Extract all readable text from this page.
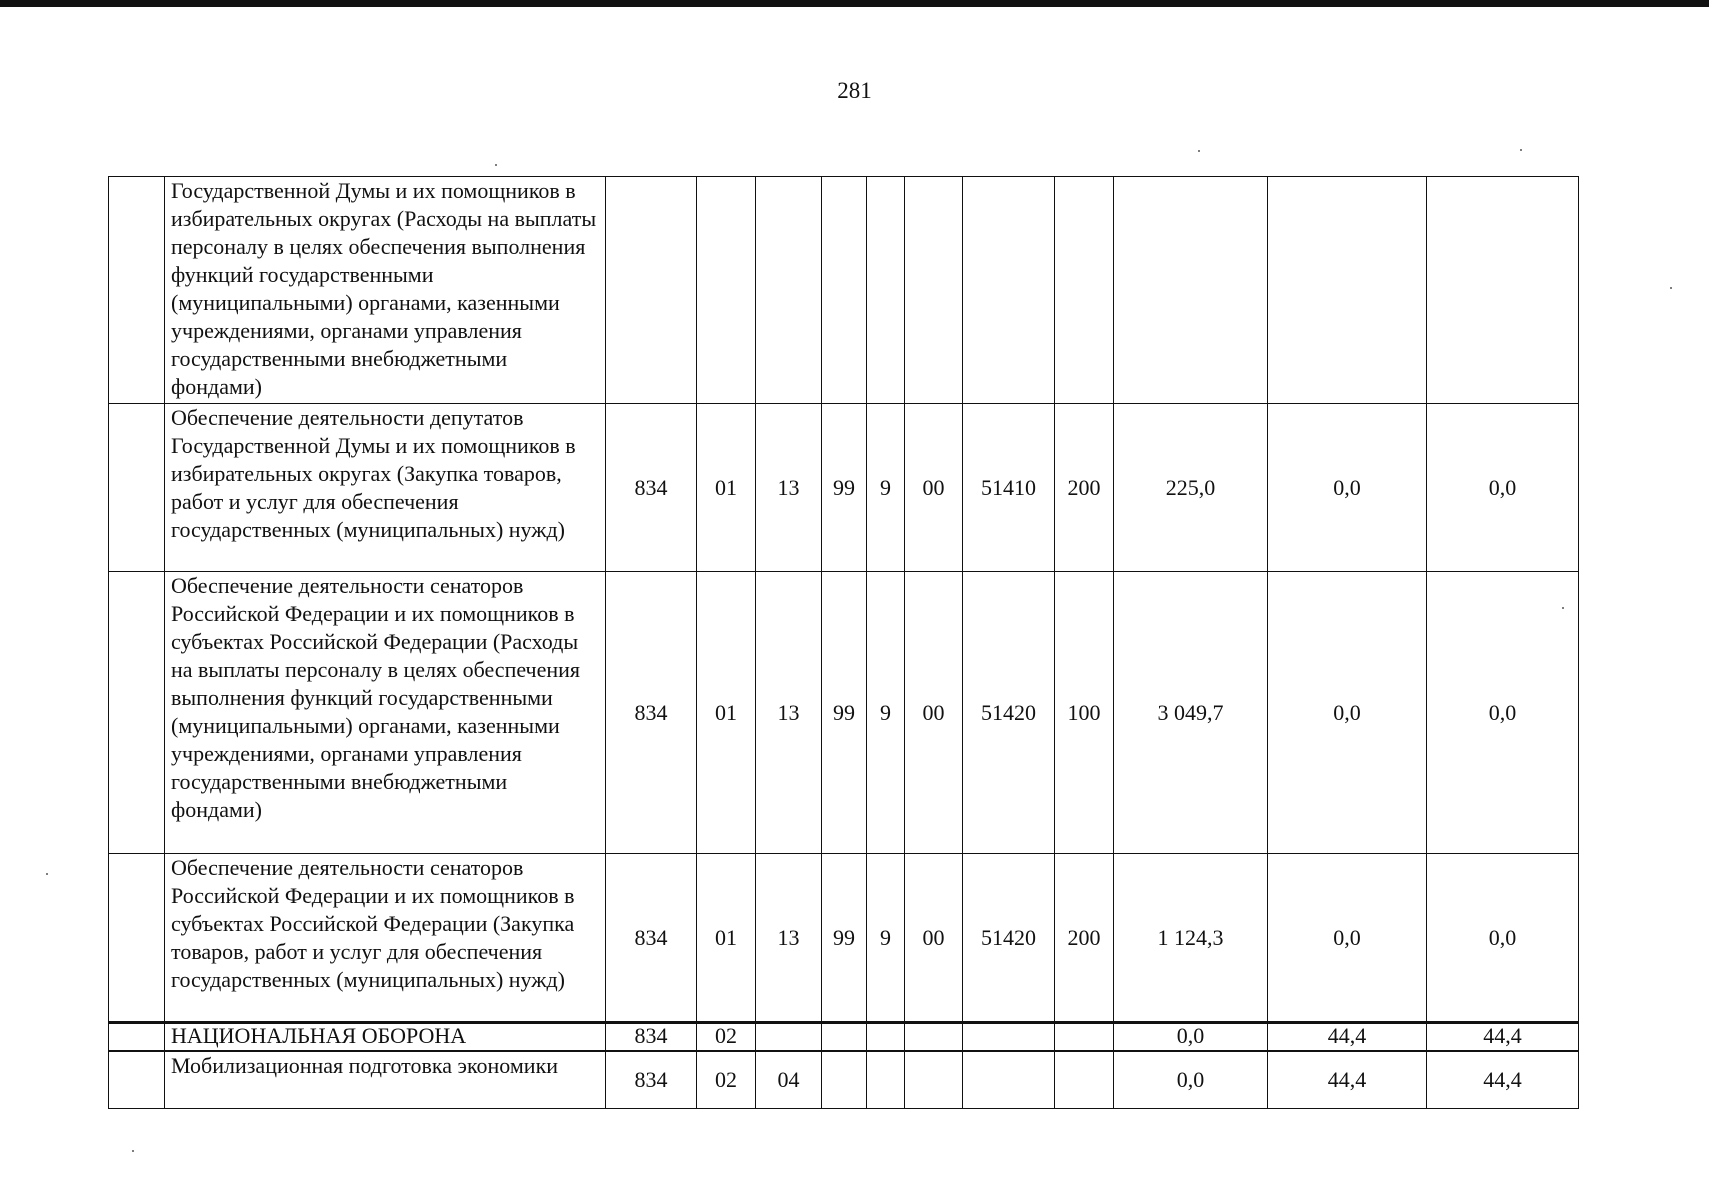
281
	Государственной Думы и их помощников в избирательных округах (Расходы на выплаты персоналу в целях обеспечения выполнения функций государственными (муниципальными) органами, казенными учреждениями, органами управления государственными внебюджетными фондами)											
	Обеспечение деятельности депутатов Государственной Думы и их помощников в избирательных округах (Закупка товаров, работ и услуг для обеспечения государственных (муниципальных) нужд)	834	01	13	99	9	00	51410	200	225,0	0,0	0,0
	Обеспечение деятельности сенаторов Российской Федерации и их помощников в субъектах Российской Федерации (Расходы на выплаты персоналу в целях обеспечения выполнения функций государственными (муниципальными) органами, казенными учреждениями, органами управления государственными внебюджетными фондами)	834	01	13	99	9	00	51420	100	3 049,7	0,0	0,0
	Обеспечение деятельности сенаторов Российской Федерации и их помощников в субъектах Российской Федерации (Закупка товаров, работ и услуг для обеспечения государственных (муниципальных) нужд)	834	01	13	99	9	00	51420	200	1 124,3	0,0	0,0
	НАЦИОНАЛЬНАЯ ОБОРОНА	834	02							0,0	44,4	44,4
	Мобилизационная подготовка экономики	834	02	04						0,0	44,4	44,4
